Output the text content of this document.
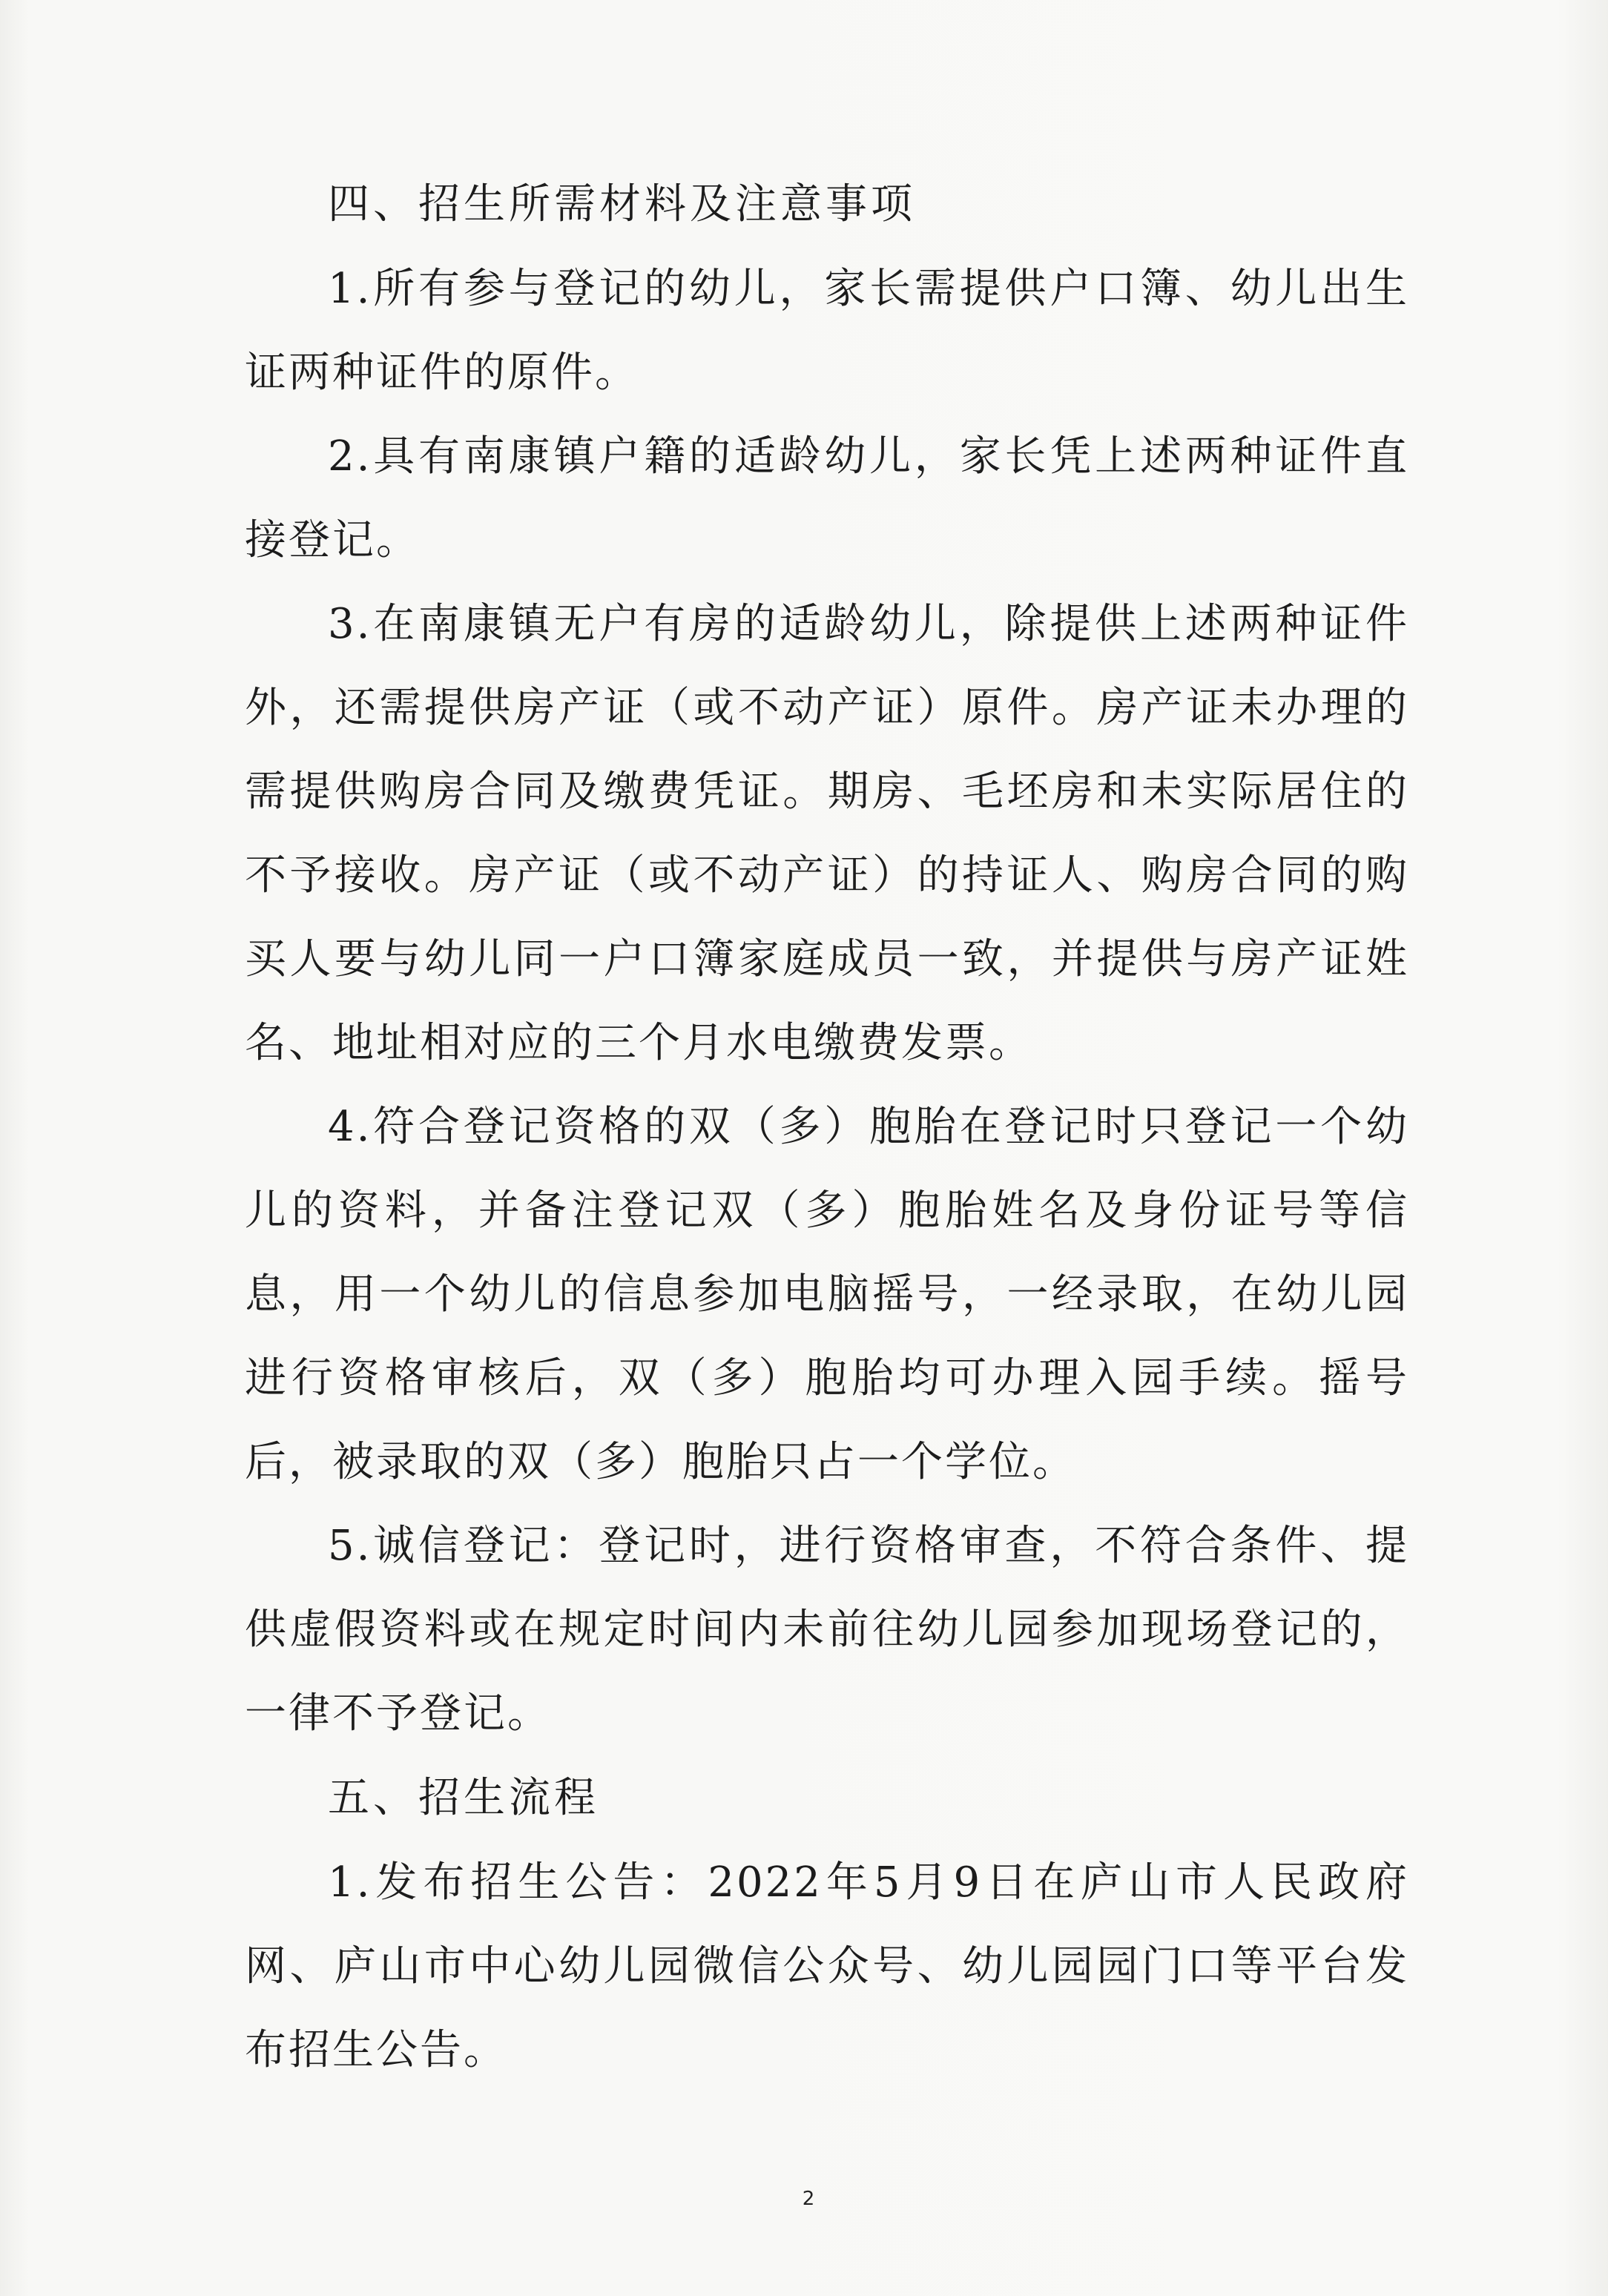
四、招生所需材料及注意事项

1.所有参与登记的幼儿，家长需提供户口簿、幼儿出生证两种证件的原件。

2.具有南康镇户籍的适龄幼儿，家长凭上述两种证件直接登记。

3.在南康镇无户有房的适龄幼儿，除提供上述两种证件外，还需提供房产证（或不动产证）原件。房产证未办理的需提供购房合同及缴费凭证。期房、毛坯房和未实际居住的不予接收。房产证（或不动产证）的持证人、购房合同的购买人要与幼儿同一户口簿家庭成员一致，并提供与房产证姓名、地址相对应的三个月水电缴费发票。

4.符合登记资格的双（多）胞胎在登记时只登记一个幼儿的资料，并备注登记双（多）胞胎姓名及身份证号等信息，用一个幼儿的信息参加电脑摇号，一经录取，在幼儿园进行资格审核后，双（多）胞胎均可办理入园手续。摇号后，被录取的双（多）胞胎只占一个学位。

5.诚信登记：登记时，进行资格审查，不符合条件、提供虚假资料或在规定时间内未前往幼儿园参加现场登记的，一律不予登记。

五、招生流程

1.发布招生公告：2022年5月9日在庐山市人民政府网、庐山市中心幼儿园微信公众号、幼儿园园门口等平台发布招生公告。

2
